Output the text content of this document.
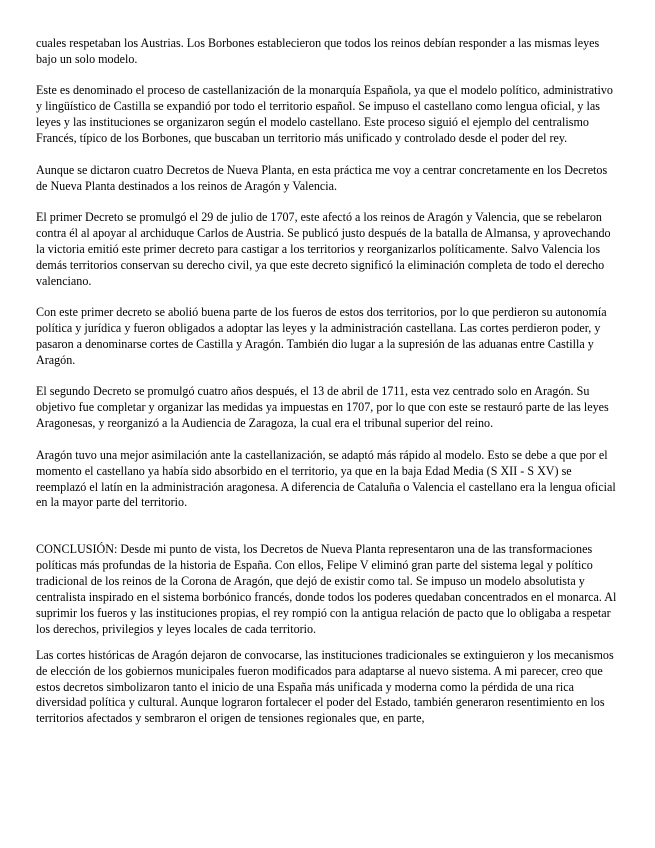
cuales respetaban los Austrias. Los Borbones establecieron que todos los reinos debían responder a las mismas leyes bajo un solo modelo.

Este es denominado el proceso de castellanización de la monarquía Española, ya que el modelo político, administrativo y lingüístico de Castilla se expandió por todo el territorio español. Se impuso el castellano como lengua oficial, y las leyes y las instituciones se organizaron según el modelo castellano. Este proceso siguió el ejemplo del centralismo Francés, típico de los Borbones, que buscaban un territorio más unificado y controlado desde el poder del rey.

Aunque se dictaron cuatro Decretos de Nueva Planta, en esta práctica me voy a centrar concretamente en los Decretos de Nueva Planta destinados a los reinos de Aragón y Valencia.

El primer Decreto se promulgó el 29 de julio de 1707, este afectó a los reinos de Aragón y Valencia, que se rebelaron contra él al apoyar al archiduque Carlos de Austria. Se publicó justo después de la batalla de Almansa, y aprovechando la victoria emitió este primer decreto para castigar a los territorios y reorganizarlos políticamente. Salvo Valencia los demás territorios conservan su derecho civil, ya que este decreto significó la eliminación completa de todo el derecho valenciano.

Con este primer decreto se abolió buena parte de los fueros de estos dos territorios, por lo que perdieron su autonomía política y jurídica y fueron obligados a adoptar las leyes y la administración castellana. Las cortes perdieron poder, y pasaron a denominarse cortes de Castilla y Aragón. También dio lugar a la supresión de las aduanas entre Castilla y Aragón.

El segundo Decreto se promulgó cuatro años después, el 13 de abril de 1711, esta vez centrado solo en Aragón. Su objetivo fue completar y organizar las medidas ya impuestas en 1707, por lo que con este se restauró parte de las leyes Aragonesas, y reorganizó a la Audiencia de Zaragoza, la cual era el tribunal superior del reino.

Aragón tuvo una mejor asimilación ante la castellanización, se adaptó más rápido al modelo. Esto se debe a que por el momento el castellano ya había sido absorbido en el territorio, ya que en la baja Edad Media (S XII - S XV) se reemplazó el latín en la administración aragonesa. A diferencia de Cataluña o Valencia el castellano era la lengua oficial en la mayor parte del territorio.

CONCLUSIÓN: Desde mi punto de vista, los Decretos de Nueva Planta representaron una de las transformaciones políticas más profundas de la historia de España. Con ellos, Felipe V eliminó gran parte del sistema legal y político tradicional de los reinos de la Corona de Aragón, que dejó de existir como tal. Se impuso un modelo absolutista y centralista inspirado en el sistema borbónico francés, donde todos los poderes quedaban concentrados en el monarca. Al suprimir los fueros y las instituciones propias, el rey rompió con la antigua relación de pacto que lo obligaba a respetar los derechos, privilegios y leyes locales de cada territorio.

Las cortes históricas de Aragón dejaron de convocarse, las instituciones tradicionales se extinguieron y los mecanismos de elección de los gobiernos municipales fueron modificados para adaptarse al nuevo sistema. A mi parecer, creo que estos decretos simbolizaron tanto el inicio de una España más unificada y moderna como la pérdida de una rica diversidad política y cultural. Aunque lograron fortalecer el poder del Estado, también generaron resentimiento en los territorios afectados y sembraron el origen de tensiones regionales que, en parte,
